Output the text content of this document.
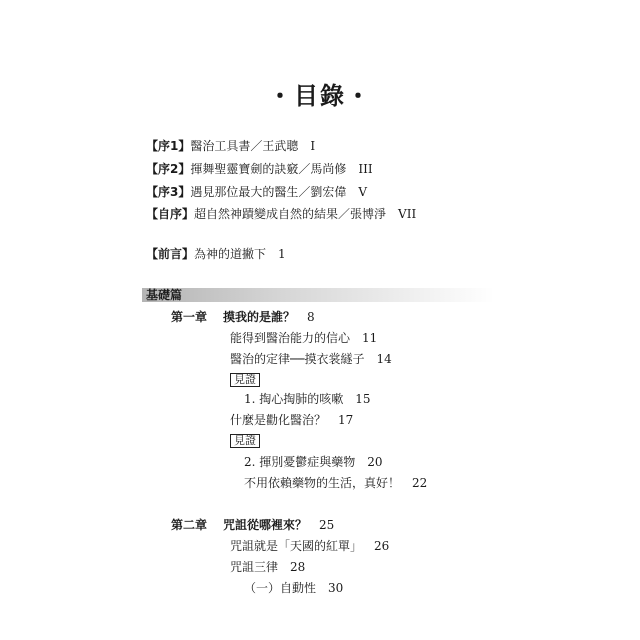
・目錄・
【序1】醫治工具書／王武聰 I
【序2】揮舞聖靈寶劍的訣竅／馬尚修 III
【序3】遇見那位最大的醫生／劉宏偉 V
【自序】超自然神蹟變成自然的結果／張博淨 VII
【前言】為神的道撇下 1
基礎篇
第一章 摸我的是誰？ 8
能得到醫治能力的信心 11
醫治的定律──摸衣裳繸子 14
見證
1. 掏心掏肺的咳嗽 15
什麼是勸化醫治？ 17
見證
2. 揮別憂鬱症與藥物 20
不用依賴藥物的生活，真好！ 22
第二章 咒詛從哪裡來？ 25
咒詛就是「天國的紅單」 26
咒詛三律 28
（一）自動性 30
